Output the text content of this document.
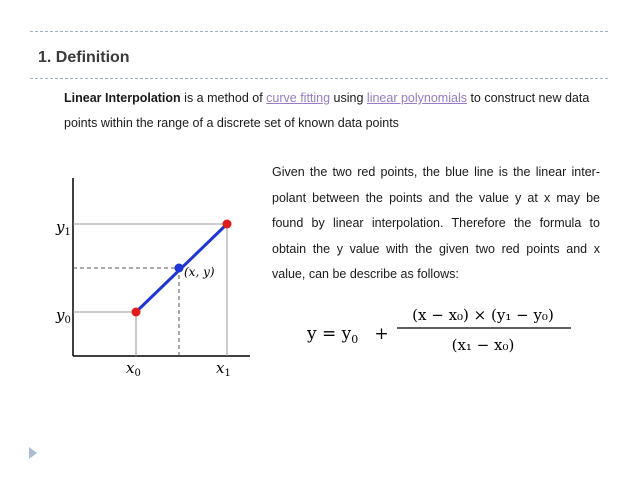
1. Definition

Linear Interpolation is a method of curve fitting using linear polynomials to construct new data points within the range of a discrete set of known data points

$y_1$
$y_0$
$x_0$	$x_1$
(x, y)

Given the two red points, the blue line is the linear inter- polant between the points and the value y at x may be found by linear interpolation. Therefore the formula to obtain the y value with the given two red points and x value, can be describe as follows:

$y = y_0$ +
(x − x₀) × (y₁ − y₀)
(x₁ − x₀)
